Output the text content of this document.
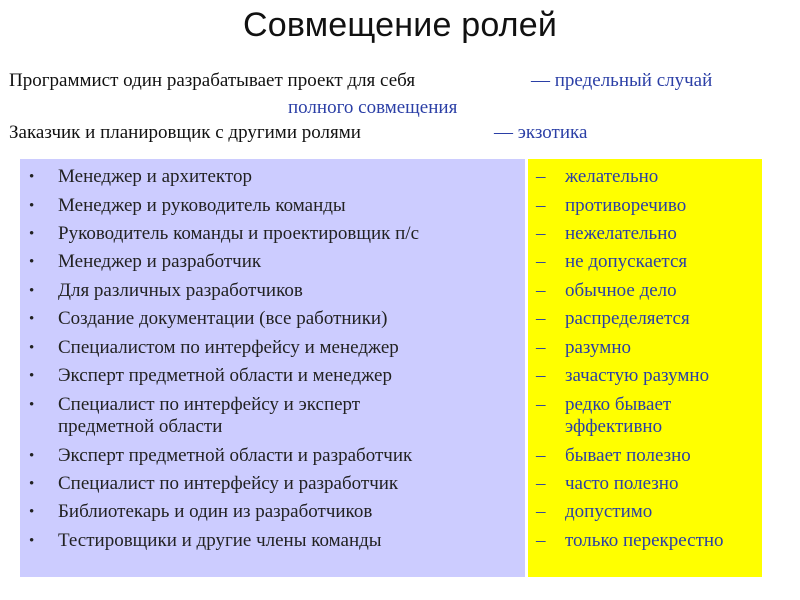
Совмещение ролей
Программист один разрабатывает проект для себя	— предельный случай
полного совмещения
Заказчик и планировщик с другими ролями	— экзотика
• Менеджер и архитектор
• Менеджер и руководитель команды
• Руководитель команды и проектировщик п/с
• Менеджер и разработчик
• Для различных разработчиков
• Создание документации (все работники)
• Специалистом по интерфейсу и менеджер
• Эксперт предметной области и менеджер
• Специалист по интерфейсу и эксперт
предметной области
• Эксперт предметной области и разработчик
• Специалист по интерфейсу и разработчик
• Библиотекарь и один из разработчиков
• Тестировщики и другие члены команды
– желательно
– противоречиво
– нежелательно
– не допускается
– обычное дело
– распределяется
– разумно
– зачастую разумно
– редко бывает
эффективно
– бывает полезно
– часто полезно
– допустимо
– только перекрестно
